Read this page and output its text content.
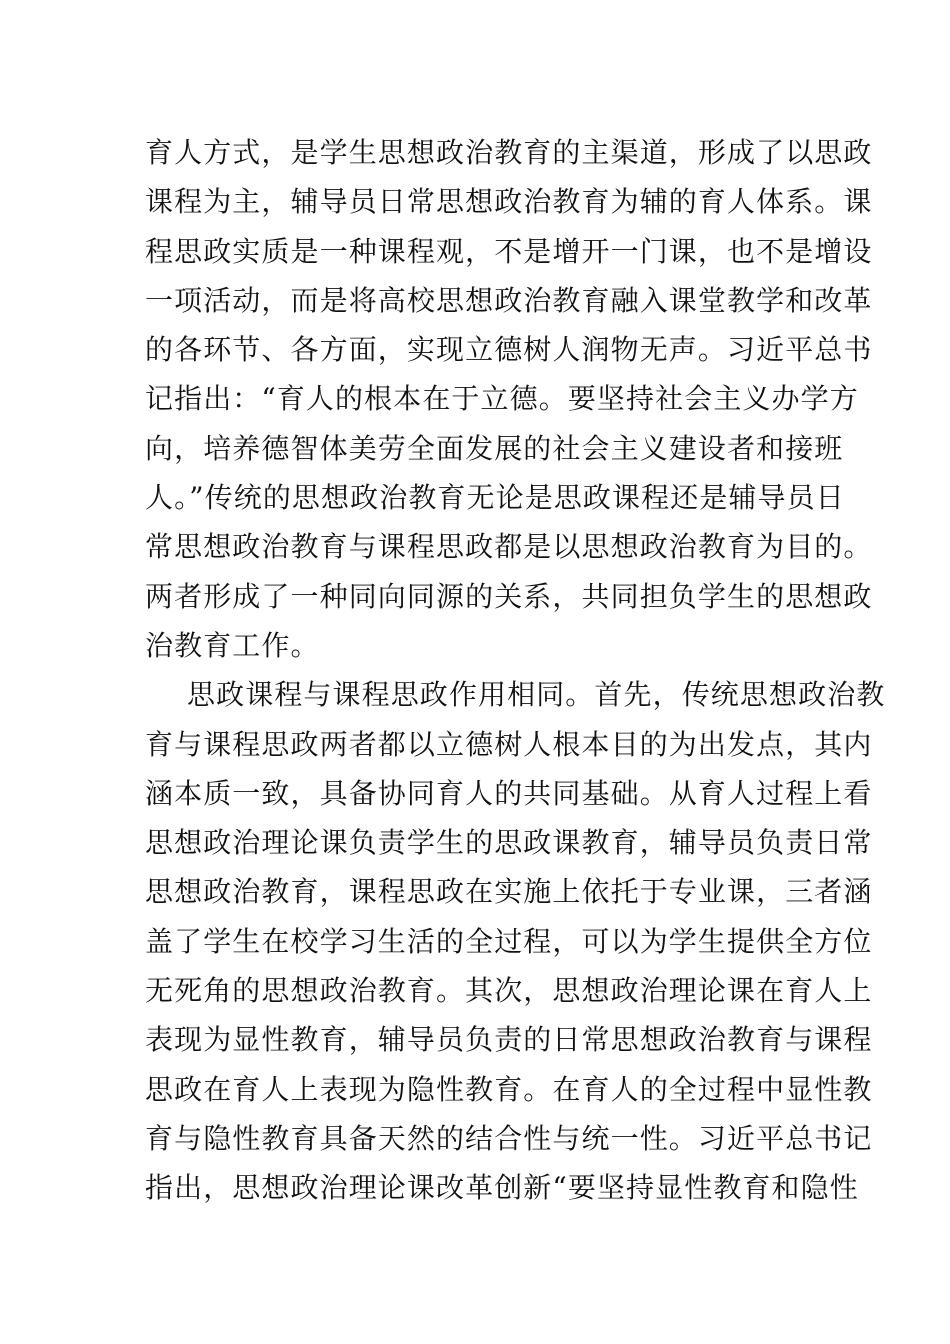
育人方式，是学生思想政治教育的主渠道，形成了以思政
课程为主，辅导员日常思想政治教育为辅的育人体系。课
程思政实质是一种课程观，不是增开一门课，也不是增设
一项活动，而是将高校思想政治教育融入课堂教学和改革
的各环节、各方面，实现立德树人润物无声。习近平总书
记指出：“育人的根本在于立德。要坚持社会主义办学方
向，培养德智体美劳全面发展的社会主义建设者和接班
人。”传统的思想政治教育无论是思政课程还是辅导员日
常思想政治教育与课程思政都是以思想政治教育为目的。
两者形成了一种同向同源的关系，共同担负学生的思想政
治教育工作。
思政课程与课程思政作用相同。首先，传统思想政治教
育与课程思政两者都以立德树人根本目的为出发点，其内
涵本质一致，具备协同育人的共同基础。从育人过程上看
思想政治理论课负责学生的思政课教育，辅导员负责日常
思想政治教育，课程思政在实施上依托于专业课，三者涵
盖了学生在校学习生活的全过程，可以为学生提供全方位
无死角的思想政治教育。其次，思想政治理论课在育人上
表现为显性教育，辅导员负责的日常思想政治教育与课程
思政在育人上表现为隐性教育。在育人的全过程中显性教
育与隐性教育具备天然的结合性与统一性。习近平总书记
指出，思想政治理论课改革创新“要坚持显性教育和隐性
